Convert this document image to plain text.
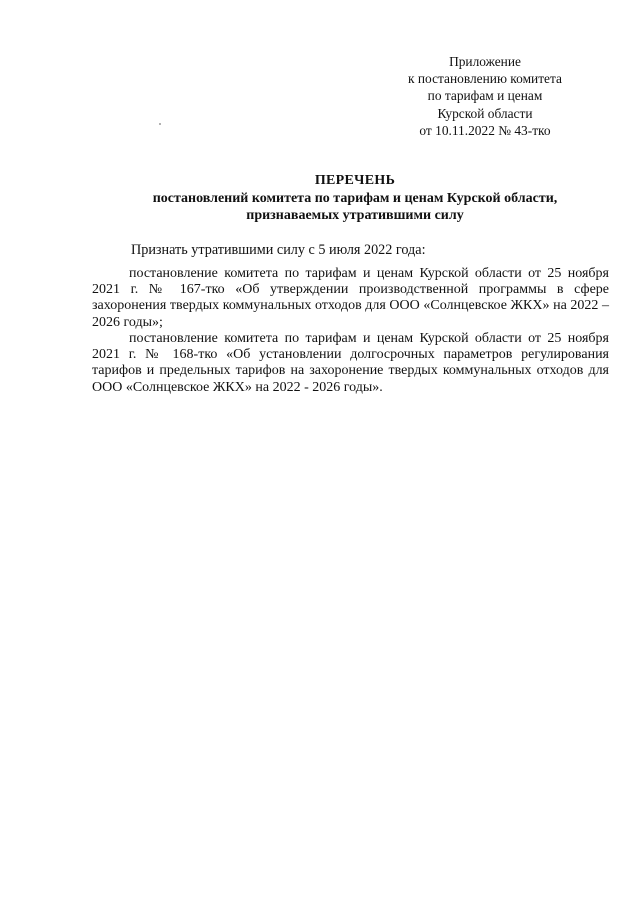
Приложение
к постановлению комитета
по тарифам и ценам
Курской области
от 10.11.2022 № 43-тко
ПЕРЕЧЕНЬ
постановлений комитета по тарифам и ценам Курской области, признаваемых утратившими силу
Признать утратившими силу с 5 июля 2022 года:
постановление комитета по тарифам и ценам Курской области от 25 ноября 2021 г. № 167-тко «Об утверждении производственной программы в сфере захоронения твердых коммунальных отходов для ООО «Солнцевское ЖКХ» на 2022 – 2026 годы»;
постановление комитета по тарифам и ценам Курской области от 25 ноября 2021 г. № 168-тко «Об установлении долгосрочных параметров регулирования тарифов и предельных тарифов на захоронение твердых коммунальных отходов для ООО «Солнцевское ЖКХ» на 2022 - 2026 годы».
